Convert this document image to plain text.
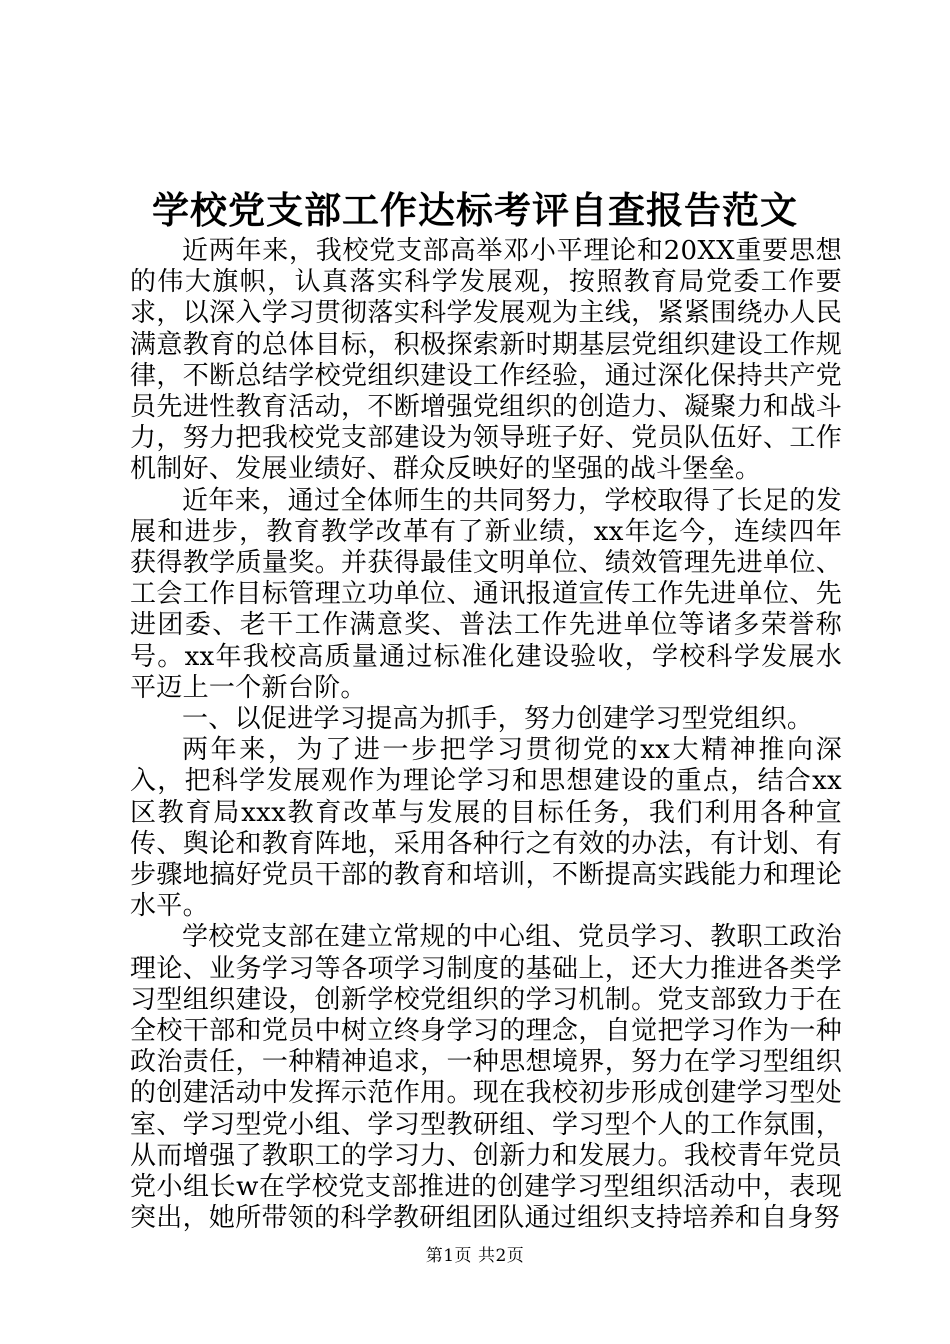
学校党支部工作达标考评自查报告范文

近两年来，我校党支部高举邓小平理论和20XX重要思想的伟大旗帜，认真落实科学发展观，按照教育局党委工作要求，以深入学习贯彻落实科学发展观为主线，紧紧围绕办人民满意教育的总体目标，积极探索新时期基层党组织建设工作规律，不断总结学校党组织建设工作经验，通过深化保持共产党员先进性教育活动，不断增强党组织的创造力、凝聚力和战斗力，努力把我校党支部建设为领导班子好、党员队伍好、工作机制好、发展业绩好、群众反映好的坚强的战斗堡垒。

近年来，通过全体师生的共同努力，学校取得了长足的发展和进步，教育教学改革有了新业绩，xx年迄今，连续四年获得教学质量奖。并获得最佳文明单位、绩效管理先进单位、工会工作目标管理立功单位、通讯报道宣传工作先进单位、先进团委、老干工作满意奖、普法工作先进单位等诸多荣誉称号。xx年我校高质量通过标准化建设验收，学校科学发展水平迈上一个新台阶。

一、以促进学习提高为抓手，努力创建学习型党组织。

两年来，为了进一步把学习贯彻党的xx大精神推向深入，把科学发展观作为理论学习和思想建设的重点，结合xx区教育局xxx教育改革与发展的目标任务，我们利用各种宣传、舆论和教育阵地，采用各种行之有效的办法，有计划、有步骤地搞好党员干部的教育和培训，不断提高实践能力和理论水平。

学校党支部在建立常规的中心组、党员学习、教职工政治理论、业务学习等各项学习制度的基础上，还大力推进各类学习型组织建设，创新学校党组织的学习机制。党支部致力于在全校干部和党员中树立终身学习的理念，自觉把学习作为一种政治责任，一种精神追求，一种思想境界，努力在学习型组织的创建活动中发挥示范作用。现在我校初步形成创建学习型处室、学习型党小组、学习型教研组、学习型个人的工作氛围，从而增强了教职工的学习力、创新力和发展力。我校青年党员党小组长w在学校党支部推进的创建学习型组织活动中，表现突出，她所带领的科学教研组团队通过组织支持培养和自身努

第1页 共2页
